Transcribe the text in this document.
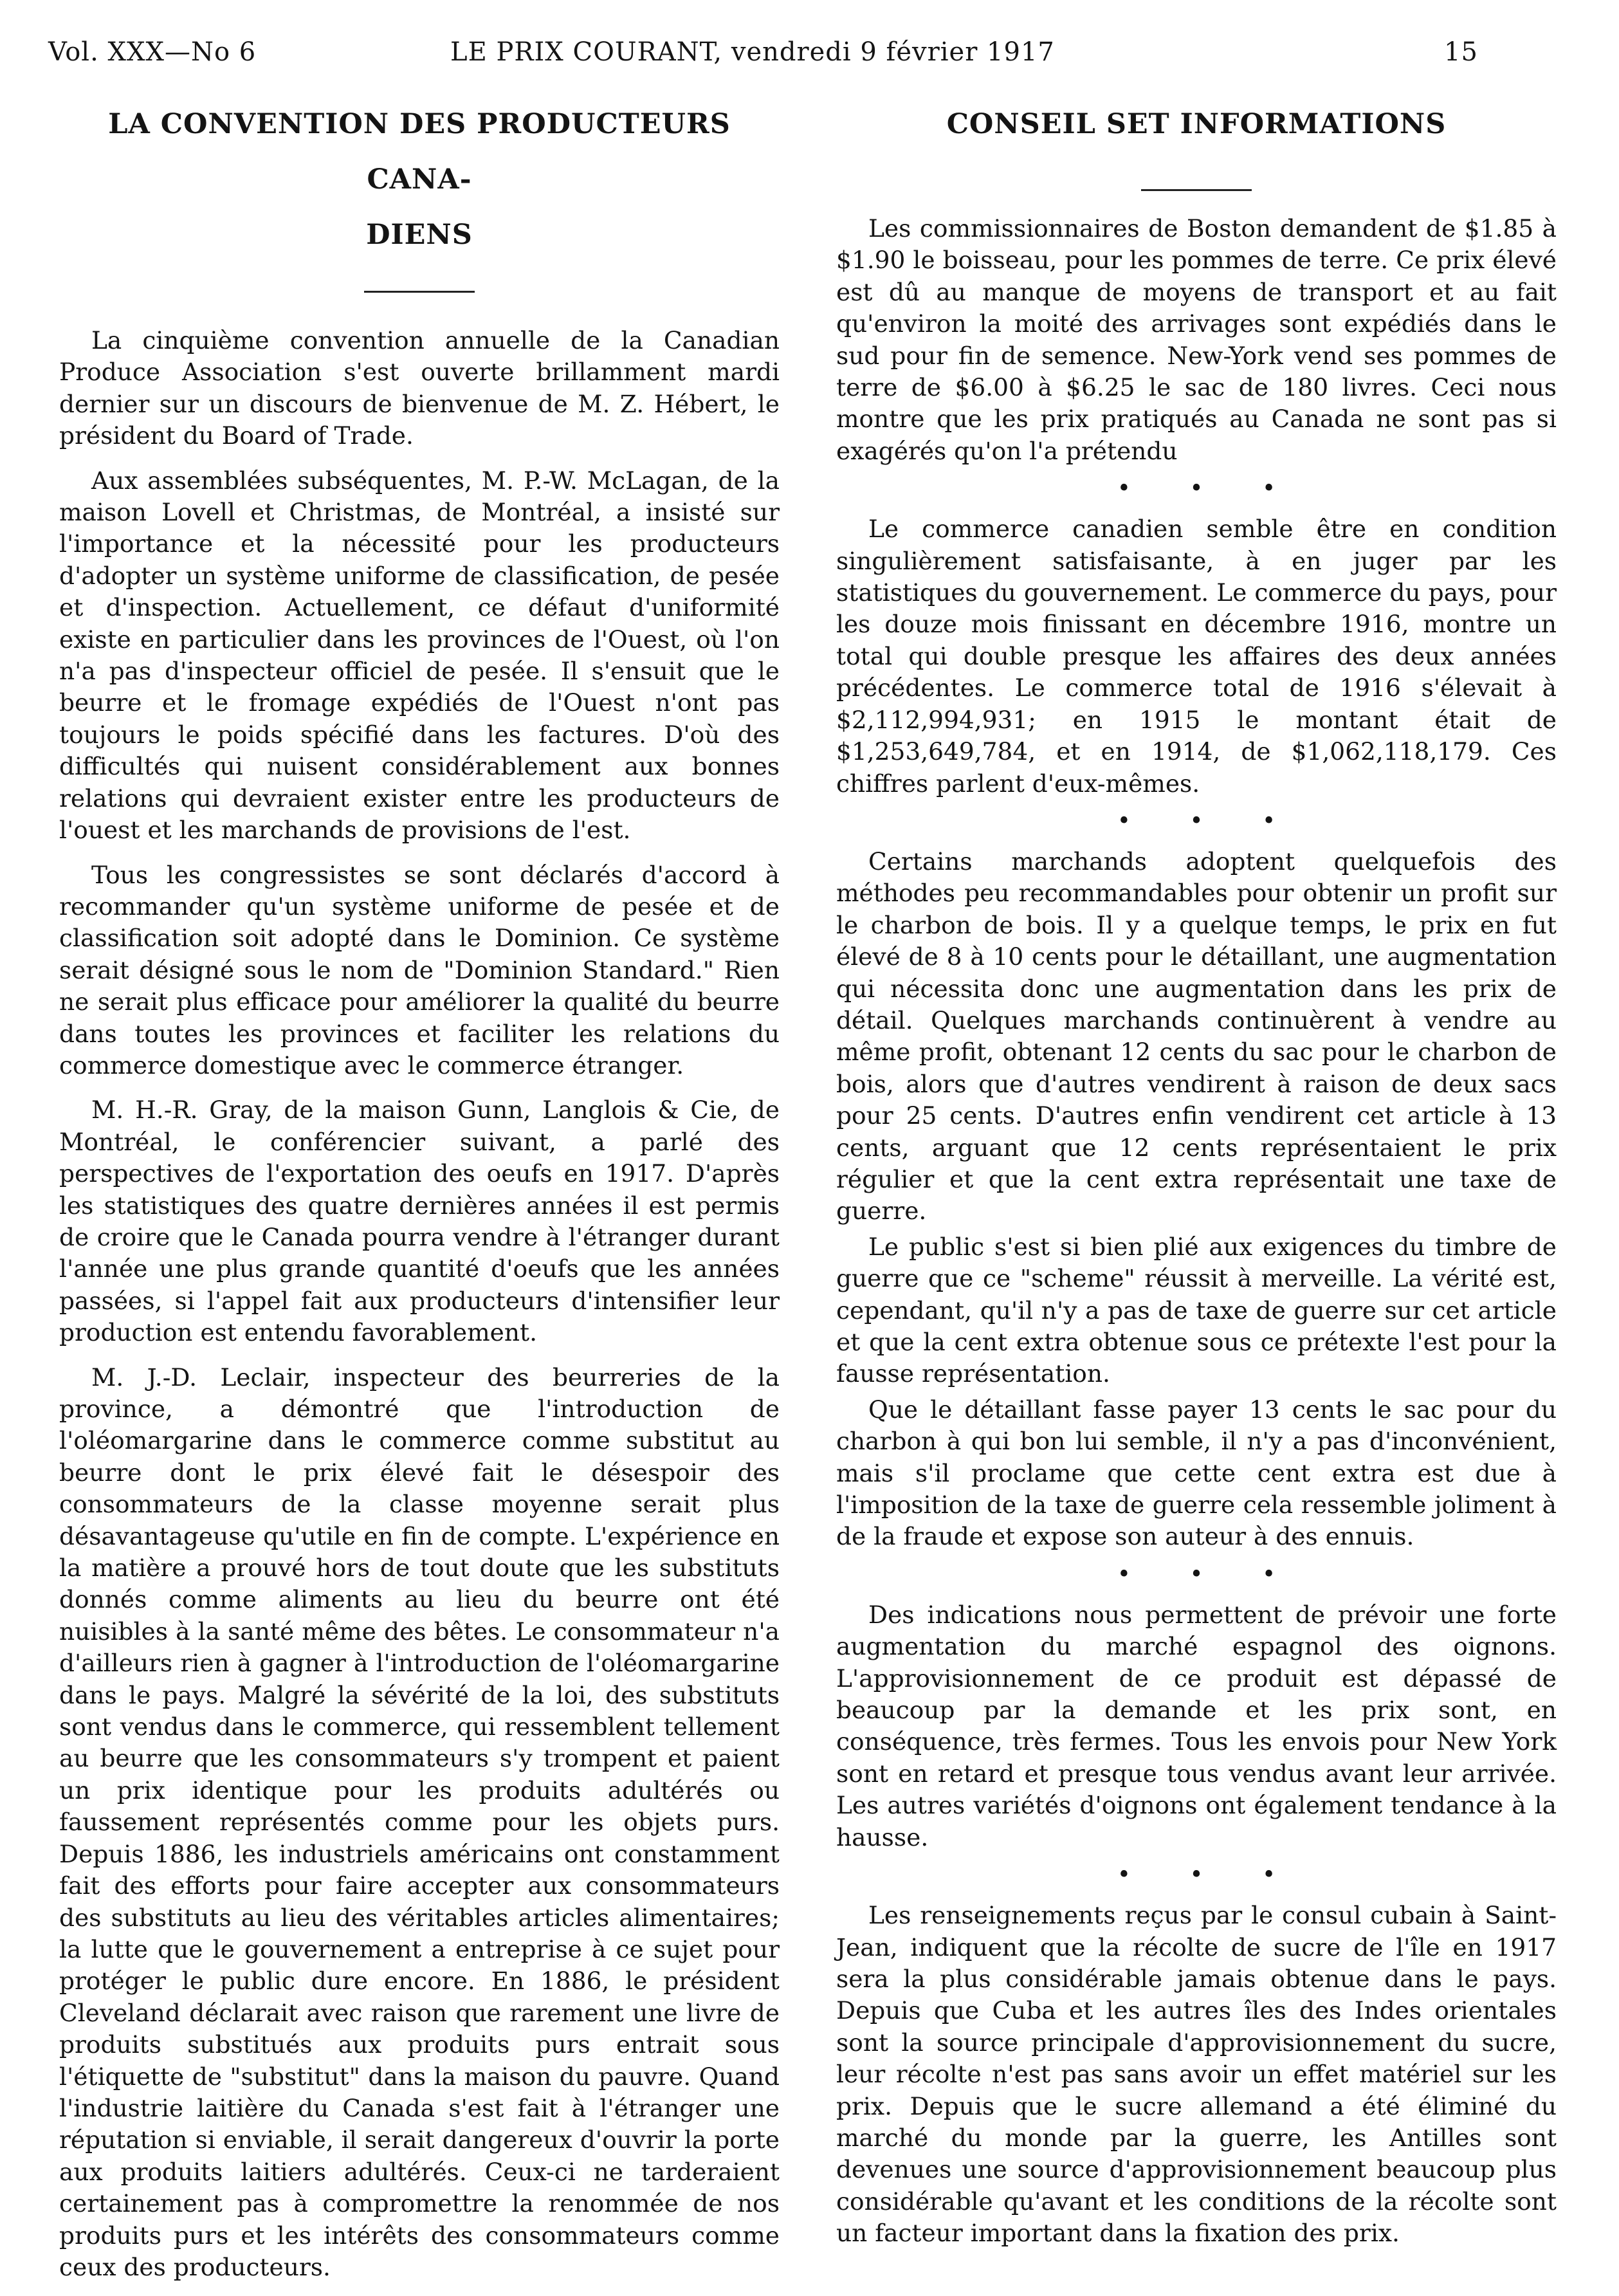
Vol. XXX—No 6	LE PRIX COURANT, vendredi 9 février 1917	15
LA CONVENTION DES PRODUCTEURS CANA-
DIENS

La cinquième convention annuelle de la Canadian Produce Association s'est ouverte brillamment mardi dernier sur un discours de bienvenue de M. Z. Hébert, le président du Board of Trade.

Aux assemblées subséquentes, M. P.-W. McLagan, de la maison Lovell et Christmas, de Montréal, a insisté sur l'importance et la nécessité pour les producteurs d'adopter un système uniforme de classification, de pesée et d'inspection. Actuellement, ce défaut d'uniformité existe en particulier dans les provinces de l'Ouest, où l'on n'a pas d'inspecteur officiel de pesée. Il s'ensuit que le beurre et le fromage expédiés de l'Ouest n'ont pas toujours le poids spécifié dans les factures. D'où des difficultés qui nuisent considérablement aux bonnes relations qui devraient exister entre les producteurs de l'ouest et les marchands de provisions de l'est.

Tous les congressistes se sont déclarés d'accord à recommander qu'un système uniforme de pesée et de classification soit adopté dans le Dominion. Ce système serait désigné sous le nom de "Dominion Standard." Rien ne serait plus efficace pour améliorer la qualité du beurre dans toutes les provinces et faciliter les relations du commerce domestique avec le commerce étranger.

M. H.-R. Gray, de la maison Gunn, Langlois & Cie, de Montréal, le conférencier suivant, a parlé des perspectives de l'exportation des oeufs en 1917. D'après les statistiques des quatre dernières années il est permis de croire que le Canada pourra vendre à l'étranger durant l'année une plus grande quantité d'oeufs que les années passées, si l'appel fait aux producteurs d'intensifier leur production est entendu favorablement.

M. J.-D. Leclair, inspecteur des beurreries de la province, a démontré que l'introduction de l'oléomargarine dans le commerce comme substitut au beurre dont le prix élevé fait le désespoir des consommateurs de la classe moyenne serait plus désavantageuse qu'utile en fin de compte. L'expérience en la matière a prouvé hors de tout doute que les substituts donnés comme aliments au lieu du beurre ont été nuisibles à la santé même des bêtes. Le consommateur n'a d'ailleurs rien à gagner à l'introduction de l'oléomargarine dans le pays. Malgré la sévérité de la loi, des substituts sont vendus dans le commerce, qui ressemblent tellement au beurre que les consommateurs s'y trompent et paient un prix identique pour les produits adultérés ou faussement représentés comme pour les objets purs. Depuis 1886, les industriels américains ont constamment fait des efforts pour faire accepter aux consommateurs des substituts au lieu des véritables articles alimentaires; la lutte que le gouvernement a entreprise à ce sujet pour protéger le public dure encore. En 1886, le président Cleveland déclarait avec raison que rarement une livre de produits substitués aux produits purs entrait sous l'étiquette de "substitut" dans la maison du pauvre. Quand l'industrie laitière du Canada s'est fait à l'étranger une réputation si enviable, il serait dangereux d'ouvrir la porte aux produits laitiers adultérés. Ceux-ci ne tarderaient certainement pas à compromettre la renommée de nos produits purs et les intérêts des consommateurs comme ceux des producteurs.

CONSEIL SET INFORMATIONS

Les commissionnaires de Boston demandent de $1.85 à $1.90 le boisseau, pour les pommes de terre. Ce prix élevé est dû au manque de moyens de transport et au fait qu'environ la moité des arrivages sont expédiés dans le sud pour fin de semence. New-York vend ses pommes de terre de $6.00 à $6.25 le sac de 180 livres. Ceci nous montre que les prix pratiqués au Canada ne sont pas si exagérés qu'on l'a prétendu

• • •

Le commerce canadien semble être en condition singulièrement satisfaisante, à en juger par les statistiques du gouvernement. Le commerce du pays, pour les douze mois finissant en décembre 1916, montre un total qui double presque les affaires des deux années précédentes. Le commerce total de 1916 s'élevait à $2,112,994,931; en 1915 le montant était de $1,253,649,784, et en 1914, de $1,062,118,179. Ces chiffres parlent d'eux-mêmes.

• • •

Certains marchands adoptent quelquefois des méthodes peu recommandables pour obtenir un profit sur le charbon de bois. Il y a quelque temps, le prix en fut élevé de 8 à 10 cents pour le détaillant, une augmentation qui nécessita donc une augmentation dans les prix de détail. Quelques marchands continuèrent à vendre au même profit, obtenant 12 cents du sac pour le charbon de bois, alors que d'autres vendirent à raison de deux sacs pour 25 cents. D'autres enfin vendirent cet article à 13 cents, arguant que 12 cents représentaient le prix régulier et que la cent extra représentait une taxe de guerre.

Le public s'est si bien plié aux exigences du timbre de guerre que ce "scheme" réussit à merveille. La vérité est, cependant, qu'il n'y a pas de taxe de guerre sur cet article et que la cent extra obtenue sous ce prétexte l'est pour la fausse représentation.

Que le détaillant fasse payer 13 cents le sac pour du charbon à qui bon lui semble, il n'y a pas d'inconvénient, mais s'il proclame que cette cent extra est due à l'imposition de la taxe de guerre cela ressemble joliment à de la fraude et expose son auteur à des ennuis.

• • •

Des indications nous permettent de prévoir une forte augmentation du marché espagnol des oignons. L'approvisionnement de ce produit est dépassé de beaucoup par la demande et les prix sont, en conséquence, très fermes. Tous les envois pour New York sont en retard et presque tous vendus avant leur arrivée. Les autres variétés d'oignons ont également tendance à la hausse.

• • •

Les renseignements reçus par le consul cubain à Saint-Jean, indiquent que la récolte de sucre de l'île en 1917 sera la plus considérable jamais obtenue dans le pays. Depuis que Cuba et les autres îles des Indes orientales sont la source principale d'approvisionnement du sucre, leur récolte n'est pas sans avoir un effet matériel sur les prix. Depuis que le sucre allemand a été éliminé du marché du monde par la guerre, les Antilles sont devenues une source d'approvisionnement beaucoup plus considérable qu'avant et les conditions de la récolte sont un facteur important dans la fixation des prix.
